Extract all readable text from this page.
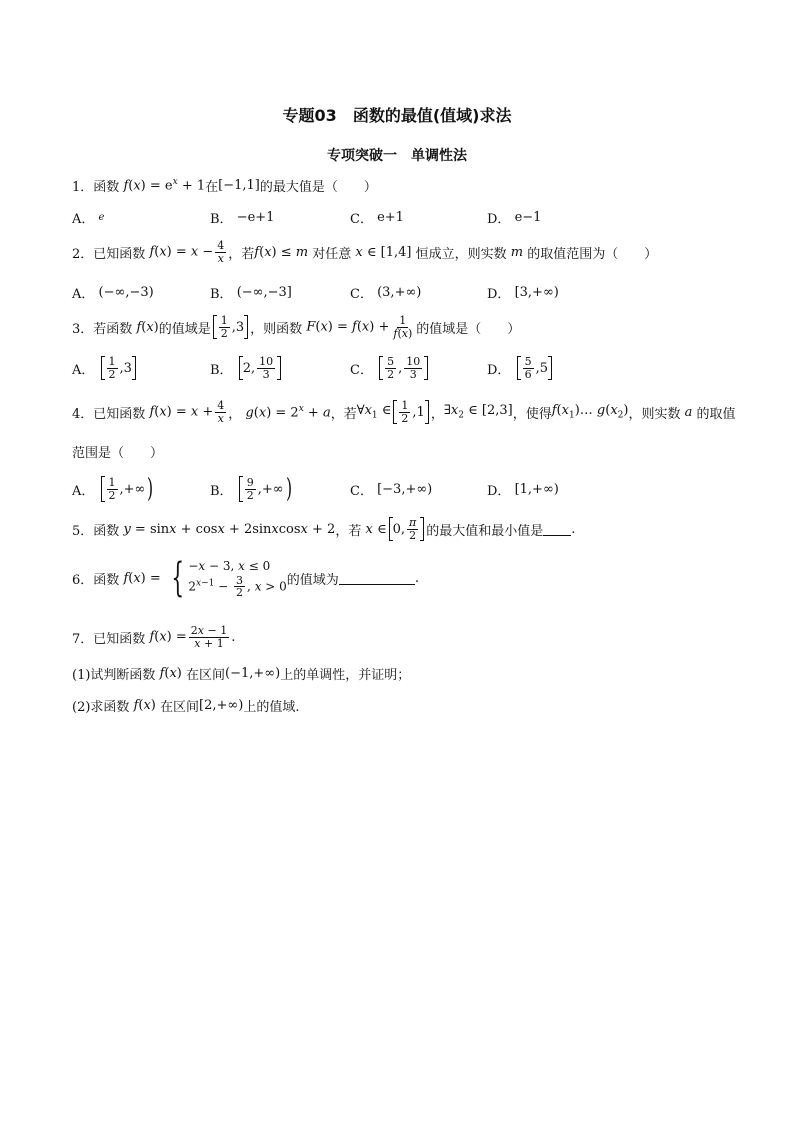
专题03　函数的最值(值域)求法
专项突破一　单调性法
1． 函数 $f(x) = e^x + 1$ 在 [−1,1] 的最大值是（　　）
A．
e	B．
−e+1	C．
e+1	D．
e−1
2． 已知函数 $f(x) = x - \frac{4}{x}$ ，若 f(x) ≤ m 对任意 x ∈ [1,4] 恒成立，则实数 m 的取值范围为（　　）
A．
(−∞,−3)	B．
(−∞,−3]	C．
(3,+∞)	D．
[3,+∞)
3． 若函数 f(x) 的值域是 $\frac{1}{2} ,3$ ，则函数 $F(x) = f(x) + \frac{1}{f(x)}$ 的值域是（　　）
A．
$\frac{1}{2} ,3$	B．
2, $\frac{10}{3}$	C．
$\frac{5}{2}$ , $\frac{10}{3}$	D．
$\frac{5}{6} ,5$
4． 已知函数 $f(x) = x + \frac{4}{x}$ ， $g(x) = 2^x + a$ ，若 $\forall x_1$ ∈ $\frac{1}{2} ,1$ ， $\exists x_2$ ∈ [2,3] ，使得 $f(x_1)\dots$ $g(x_2)$ ，则实数 a 的取值
范围是（　　）
A．
$\frac{1}{2}$ ,+∞ )	B．
$\frac{9}{2}$ ,+∞ )	C．
[−3,+∞)	D．
[1,+∞)
5． 函数 y = sinx + cosx + 2sinxcosx + 2 ，若 x ∈ 0, $\frac{\pi}{2}$ 的最大值和最小值是 .
6． 函数 f(x) = { −x − 3, x ≤ 0
$2^{x-1} - \frac{3}{2}$ , x > 0 的值域为	.
7． 已知函数 $f(x) = \frac{2x - 1}{x + 1}$ .
(1)试判断函数 f(x) 在区间 (−1,+∞) 上的单调性，并证明；
(2)求函数 f(x) 在区间 [2,+∞) 上的值域.
